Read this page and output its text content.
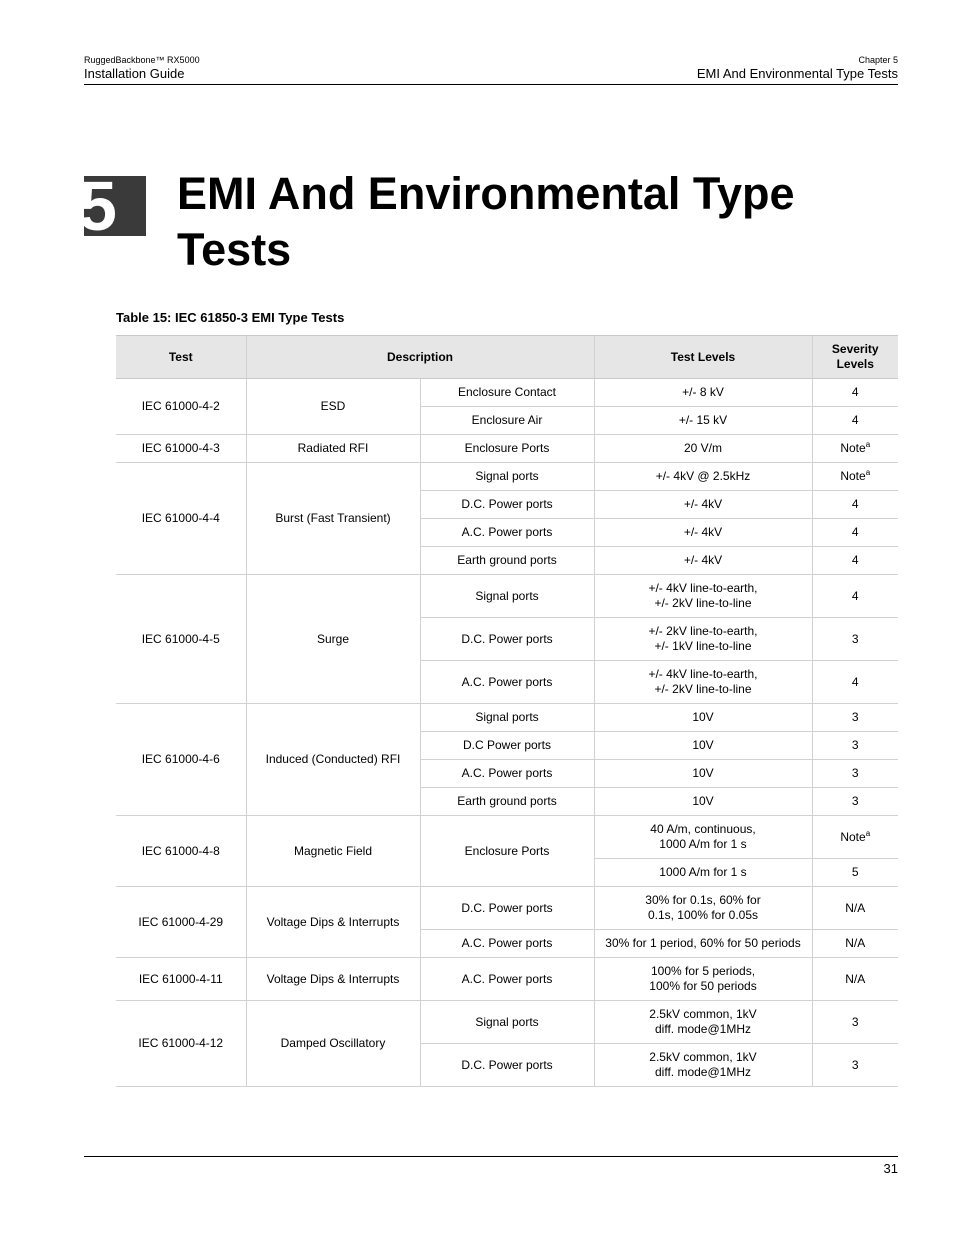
RuggedBackbone™ RX5000
Installation Guide
Chapter 5
EMI And Environmental Type Tests
5 EMI And Environmental Type
Tests
Table 15: IEC 61850-3 EMI Type Tests
Test	Description		Test Levels	Severity Levels
IEC 61000-4-2	ESD	Enclosure Contact	+/- 8 kV	4
		Enclosure Air	+/- 15 kV	4
IEC 61000-4-3	Radiated RFI	Enclosure Ports	20 V/m	Note$^a$
IEC 61000-4-4	Burst (Fast Transient)	Signal ports	+/- 4kV @ 2.5kHz	Note$^a$
		D.C. Power ports	+/- 4kV	4
		A.C. Power ports	+/- 4kV	4
		Earth ground ports	+/- 4kV	4
IEC 61000-4-5	Surge	Signal ports	+/- 4kV line-to-earth,
+/- 2kV line-to-line	4
		D.C. Power ports	+/- 2kV line-to-earth,
+/- 1kV line-to-line	3
		A.C. Power ports	+/- 4kV line-to-earth,
+/- 2kV line-to-line	4
IEC 61000-4-6	Induced (Conducted) RFI	Signal ports	10V	3
		D.C Power ports	10V	3
		A.C. Power ports	10V	3
		Earth ground ports	10V	3
IEC 61000-4-8	Magnetic Field	Enclosure Ports	40 A/m, continuous,
1000 A/m for 1 s	Note$^a$
			1000 A/m for 1 s	5
IEC 61000-4-29	Voltage Dips & Interrupts	D.C. Power ports	30% for 0.1s, 60% for
0.1s, 100% for 0.05s	N/A
		A.C. Power ports	30% for 1 period, 60% for 50 periods	N/A
IEC 61000-4-11	Voltage Dips & Interrupts	A.C. Power ports	100% for 5 periods,
100% for 50 periods	N/A
IEC 61000-4-12	Damped Oscillatory	Signal ports	2.5kV common, 1kV
diff. mode@1MHz	3
		D.C. Power ports	2.5kV common, 1kV
diff. mode@1MHz	3
31
